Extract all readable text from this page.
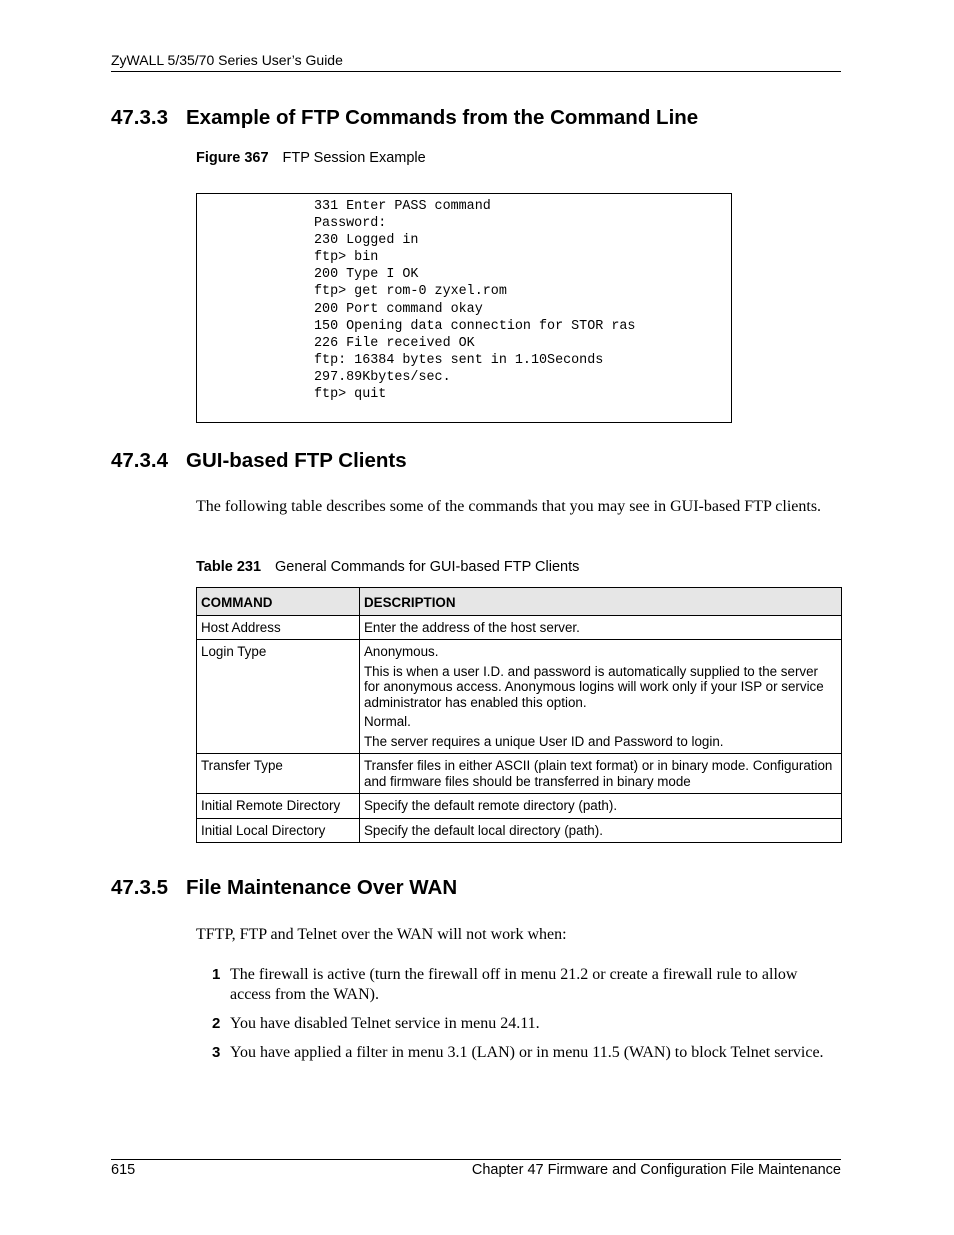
ZyWALL 5/35/70 Series User’s Guide
47.3.3 Example of FTP Commands from the Command Line
Figure 367 FTP Session Example
331 Enter PASS command
Password:
230 Logged in
ftp> bin
200 Type I OK
ftp> get rom-0 zyxel.rom
200 Port command okay
150 Opening data connection for STOR ras
226 File received OK
ftp: 16384 bytes sent in 1.10Seconds
297.89Kbytes/sec.
ftp> quit
47.3.4 GUI-based FTP Clients
The following table describes some of the commands that you may see in GUI-based FTP clients.
Table 231 General Commands for GUI-based FTP Clients
COMMAND	DESCRIPTION
Host Address	Enter the address of the host server.

Login Type	Anonymous.

This is when a user I.D. and password is automatically supplied to the server for anonymous access. Anonymous logins will work only if your ISP or service administrator has enabled this option.

Normal.

The server requires a unique User ID and Password to login.

Transfer Type	Transfer files in either ASCII (plain text format) or in binary mode. Configuration and firmware files should be transferred in binary mode

Initial Remote Directory	Specify the default remote directory (path).

Initial Local Directory	Specify the default local directory (path).

47.3.5 File Maintenance Over WAN
TFTP, FTP and Telnet over the WAN will not work when:
1 The firewall is active (turn the firewall off in menu 21.2 or create a firewall rule to allow access from the WAN).
2 You have disabled Telnet service in menu 24.11.
3 You have applied a filter in menu 3.1 (LAN) or in menu 11.5 (WAN) to block Telnet service.
615	Chapter 47 Firmware and Configuration File Maintenance
